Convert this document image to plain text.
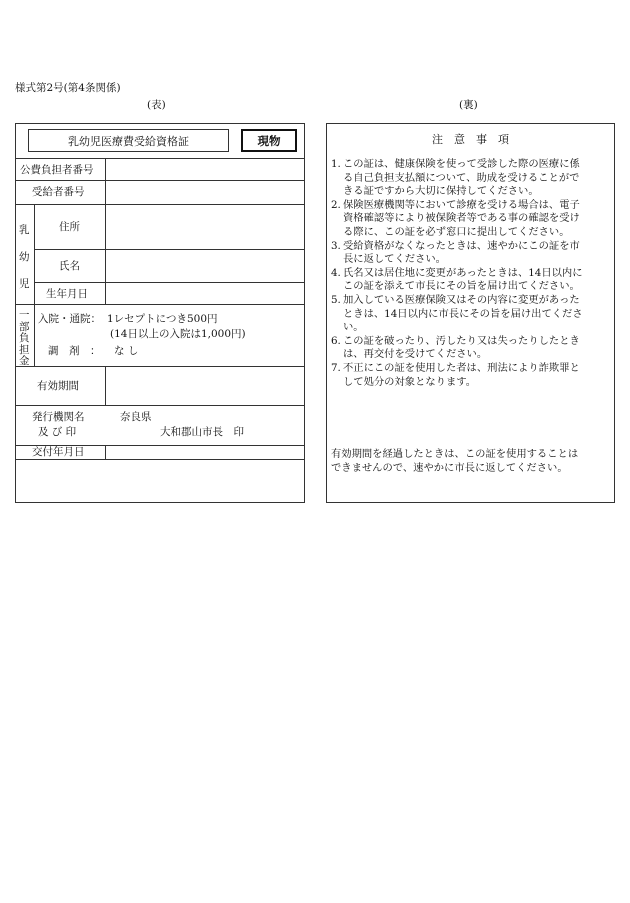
様式第2号(第4条関係)
(表)	(裏)
乳幼児医療費受給資格証	現物
公費負担者番号
受給者番号
乳
幼
児
住所
氏名
生年月日
一
部
負
担
金
入院・通院： 1レセプトにつき500円
(14日以上の入院は1,000円)
調　剤　： な し
有効期間
発行機関名
及 び 印
奈良県
大和郡山市長　印
交付年月日
注　意　事　項
1. この証は、健康保険を使って受診した際の医療に係
る自己負担支払額について、助成を受けることがで
きる証ですから大切に保持してください。
2. 保険医療機関等において診療を受ける場合は、電子
資格確認等により被保険者等である事の確認を受け
る際に、この証を必ず窓口に提出してください。
3. 受給資格がなくなったときは、速やかにこの証を市
長に返してください。
4. 氏名又は居住地に変更があったときは、14日以内に
この証を添えて市長にその旨を届け出てください。
5. 加入している医療保険又はその内容に変更があった
ときは、14日以内に市長にその旨を届け出てくださ
い。
6. この証を破ったり、汚したり又は失ったりしたとき
は、再交付を受けてください。
7. 不正にこの証を使用した者は、刑法により詐欺罪と
して処分の対象となります。
有効期間を経過したときは、この証を使用することは
できませんので、速やかに市長に返してください。
